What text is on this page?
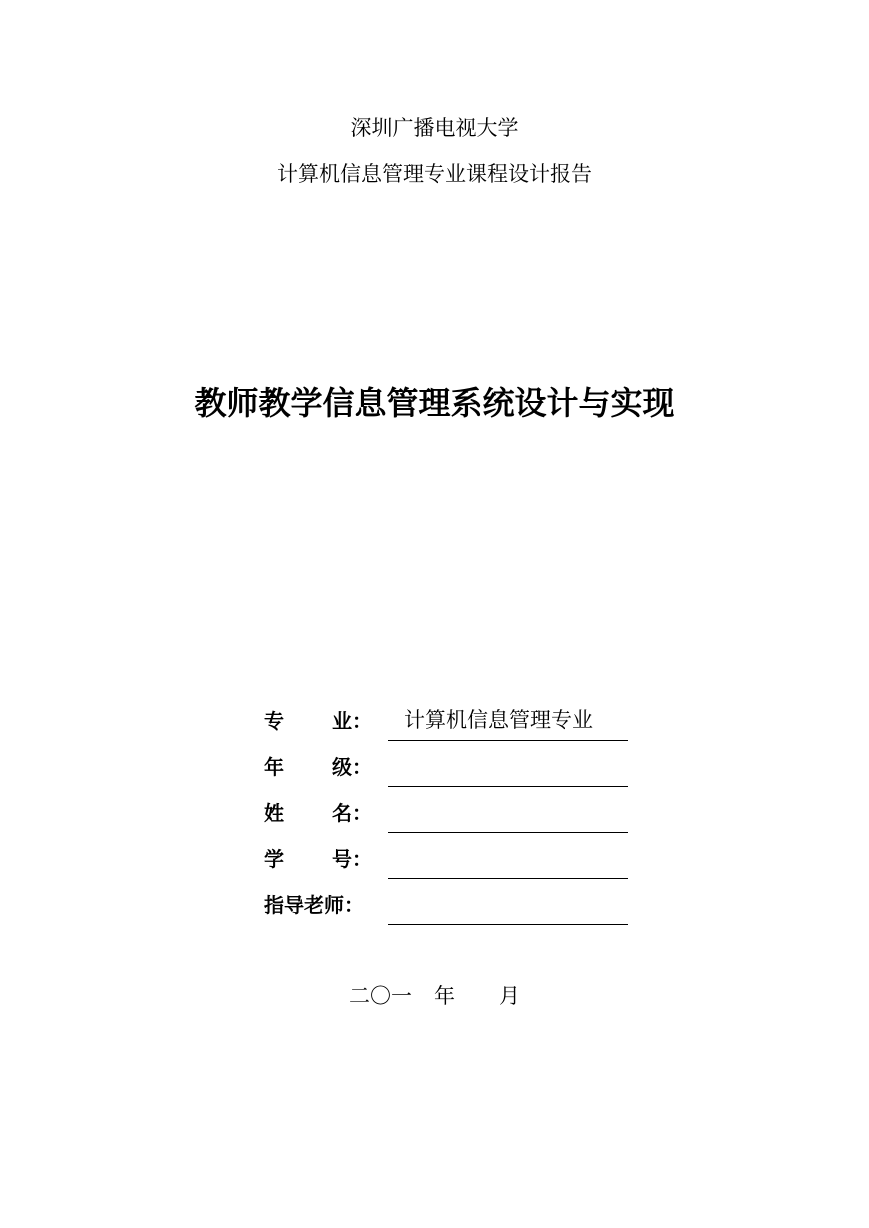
深圳广播电视大学
计算机信息管理专业课程设计报告
教师教学信息管理系统设计与实现
专 业：	计算机信息管理专业
年 级：
姓 名：
学 号：
指导老师：
二〇一 年 月
